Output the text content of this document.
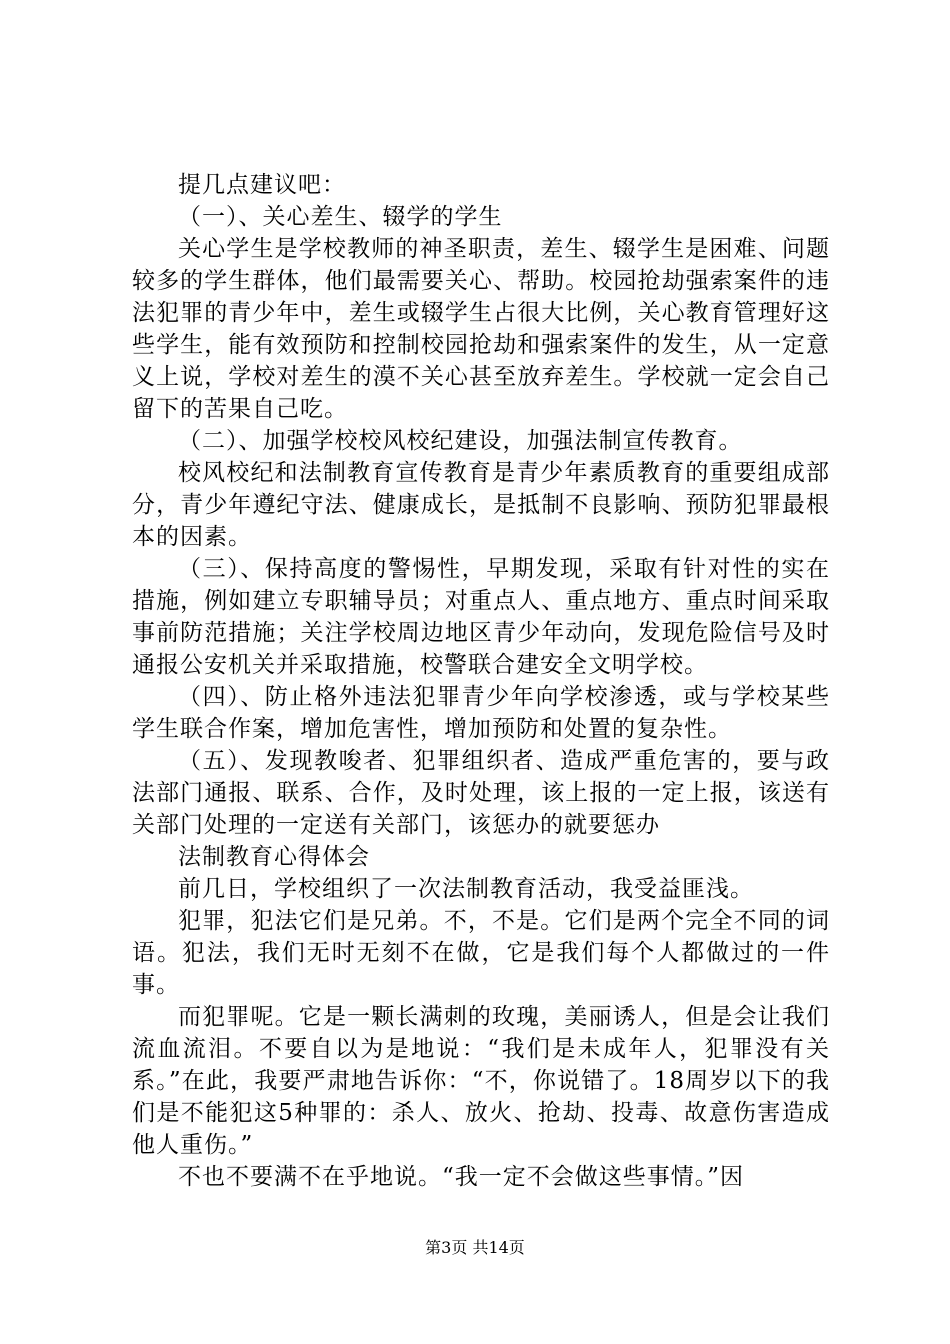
提几点建议吧：

（一）、关心差生、辍学的学生

关心学生是学校教师的神圣职责，差生、辍学生是困难、问题较多的学生群体，他们最需要关心、帮助。校园抢劫强索案件的违法犯罪的青少年中，差生或辍学生占很大比例，关心教育管理好这些学生，能有效预防和控制校园抢劫和强索案件的发生，从一定意义上说，学校对差生的漠不关心甚至放弃差生。学校就一定会自己留下的苦果自己吃。

（二）、加强学校校风校纪建设，加强法制宣传教育。

校风校纪和法制教育宣传教育是青少年素质教育的重要组成部分，青少年遵纪守法、健康成长，是抵制不良影响、预防犯罪最根本的因素。

（三）、保持高度的警惕性，早期发现，采取有针对性的实在措施，例如建立专职辅导员；对重点人、重点地方、重点时间采取事前防范措施；关注学校周边地区青少年动向，发现危险信号及时通报公安机关并采取措施，校警联合建安全文明学校。

（四）、防止格外违法犯罪青少年向学校渗透，或与学校某些学生联合作案，增加危害性，增加预防和处置的复杂性。

（五）、发现教唆者、犯罪组织者、造成严重危害的，要与政法部门通报、联系、合作，及时处理，该上报的一定上报，该送有关部门处理的一定送有关部门，该惩办的就要惩办

法制教育心得体会

前几日，学校组织了一次法制教育活动，我受益匪浅。

犯罪，犯法它们是兄弟。不，不是。它们是两个完全不同的词语。犯法，我们无时无刻不在做，它是我们每个人都做过的一件事。

而犯罪呢。它是一颗长满刺的玫瑰，美丽诱人，但是会让我们流血流泪。不要自以为是地说：“我们是未成年人，犯罪没有关系。”在此，我要严肃地告诉你：“不，你说错了。18周岁以下的我们是不能犯这5种罪的：杀人、放火、抢劫、投毒、故意伤害造成他人重伤。”

不也不要满不在乎地说。“我一定不会做这些事情。”因

第3页 共14页
